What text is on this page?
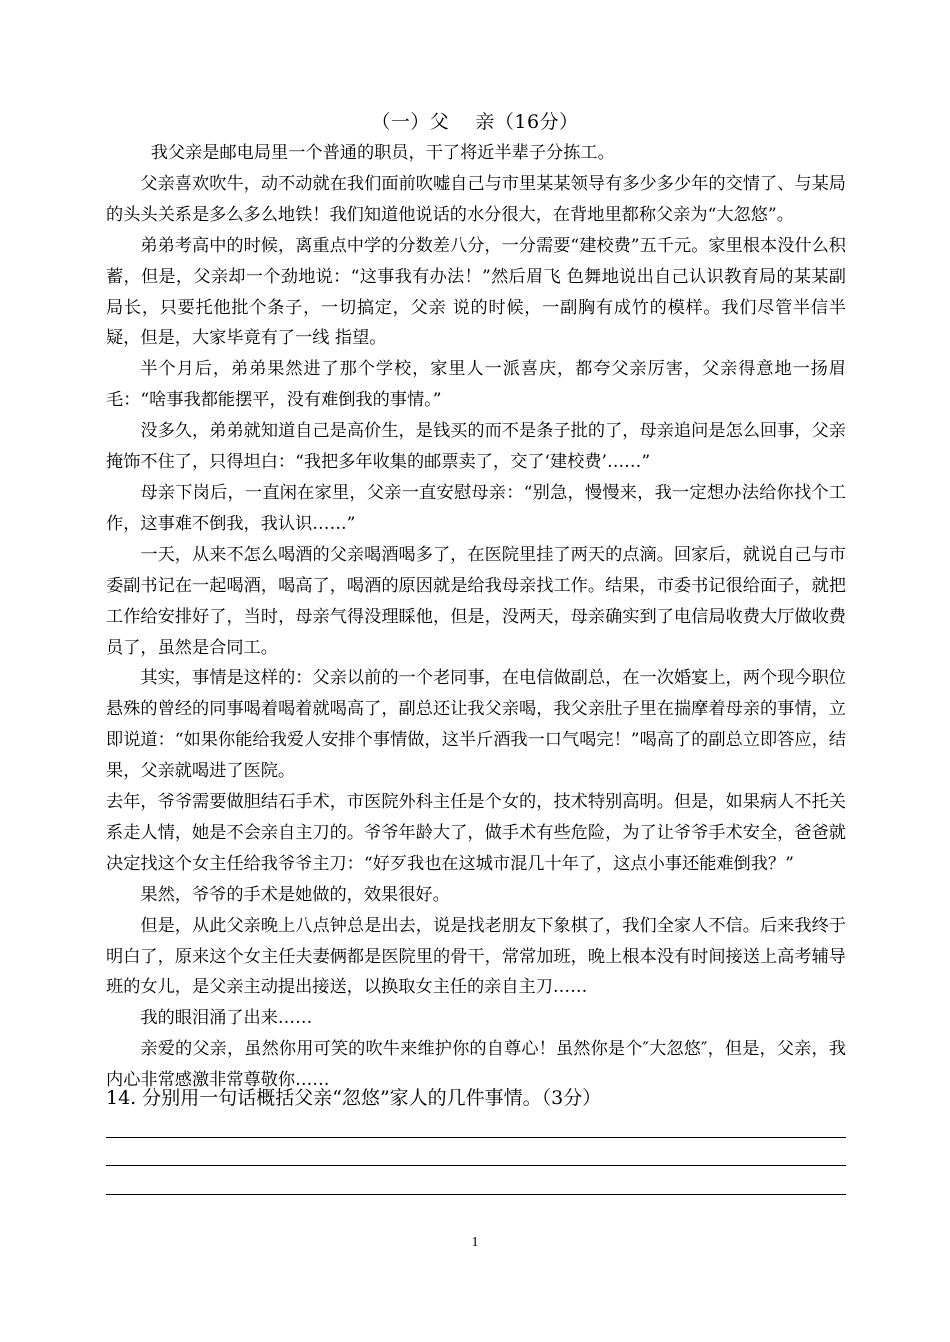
（一）父　 亲（16分）

我父亲是邮电局里一个普通的职员，干了将近半辈子分拣工。

父亲喜欢吹牛，动不动就在我们面前吹嘘自己与市里某某领导有多少多少年的交情了、与某局的头头关系是多么多么地铁！我们知道他说话的水分很大，在背地里都称父亲为“大忽悠”。

弟弟考高中的时候，离重点中学的分数差八分，一分需要“建校费”五千元。家里根本没什么积蓄，但是，父亲却一个劲地说：“这事我有办法！”然后眉飞 色舞地说出自己认识教育局的某某副局长，只要托他批个条子，一切搞定，父亲 说的时候，一副胸有成竹的模样。我们尽管半信半疑，但是，大家毕竟有了一线 指望。

半个月后，弟弟果然进了那个学校，家里人一派喜庆，都夸父亲厉害，父亲得意地一扬眉毛：“啥事我都能摆平，没有难倒我的事情。”

没多久，弟弟就知道自己是高价生，是钱买的而不是条子批的了，母亲追问是怎么回事，父亲掩饰不住了，只得坦白：“我把多年收集的邮票卖了，交了‘建校费’……”

母亲下岗后，一直闲在家里，父亲一直安慰母亲：“别急，慢慢来，我一定想办法给你找个工作，这事难不倒我，我认识……”

一天，从来不怎么喝酒的父亲喝酒喝多了，在医院里挂了两天的点滴。回家后，就说自己与市委副书记在一起喝酒，喝高了，喝酒的原因就是给我母亲找工作。结果，市委书记很给面子，就把工作给安排好了，当时，母亲气得没理睬他，但是，没两天，母亲确实到了电信局收费大厅做收费员了，虽然是合同工。

其实，事情是这样的：父亲以前的一个老同事，在电信做副总，在一次婚宴上，两个现今职位悬殊的曾经的同事喝着喝着就喝高了，副总还让我父亲喝，我父亲肚子里在揣摩着母亲的事情，立即说道：“如果你能给我爱人安排个事情做，这半斤酒我一口气喝完！”喝高了的副总立即答应，结果，父亲就喝进了医院。

去年，爷爷需要做胆结石手术，市医院外科主任是个女的，技术特别高明。但是，如果病人不托关系走人情，她是不会亲自主刀的。爷爷年龄大了，做手术有些危险，为了让爷爷手术安全，爸爸就决定找这个女主任给我爷爷主刀：“好歹我也在这城市混几十年了，这点小事还能难倒我？”

果然，爷爷的手术是她做的，效果很好。

但是，从此父亲晚上八点钟总是出去，说是找老朋友下象棋了，我们全家人不信。后来我终于明白了，原来这个女主任夫妻俩都是医院里的骨干，常常加班，晚上根本没有时间接送上高考辅导班的女儿，是父亲主动提出接送，以换取女主任的亲自主刀……

我的眼泪涌了出来……

亲爱的父亲，虽然你用可笑的吹牛来维护你的自尊心！虽然你是个″大忽悠″，但是，父亲，我内心非常感激非常尊敬你……

14. 分别用一句话概括父亲“忽悠”家人的几件事情。（3分）
1
